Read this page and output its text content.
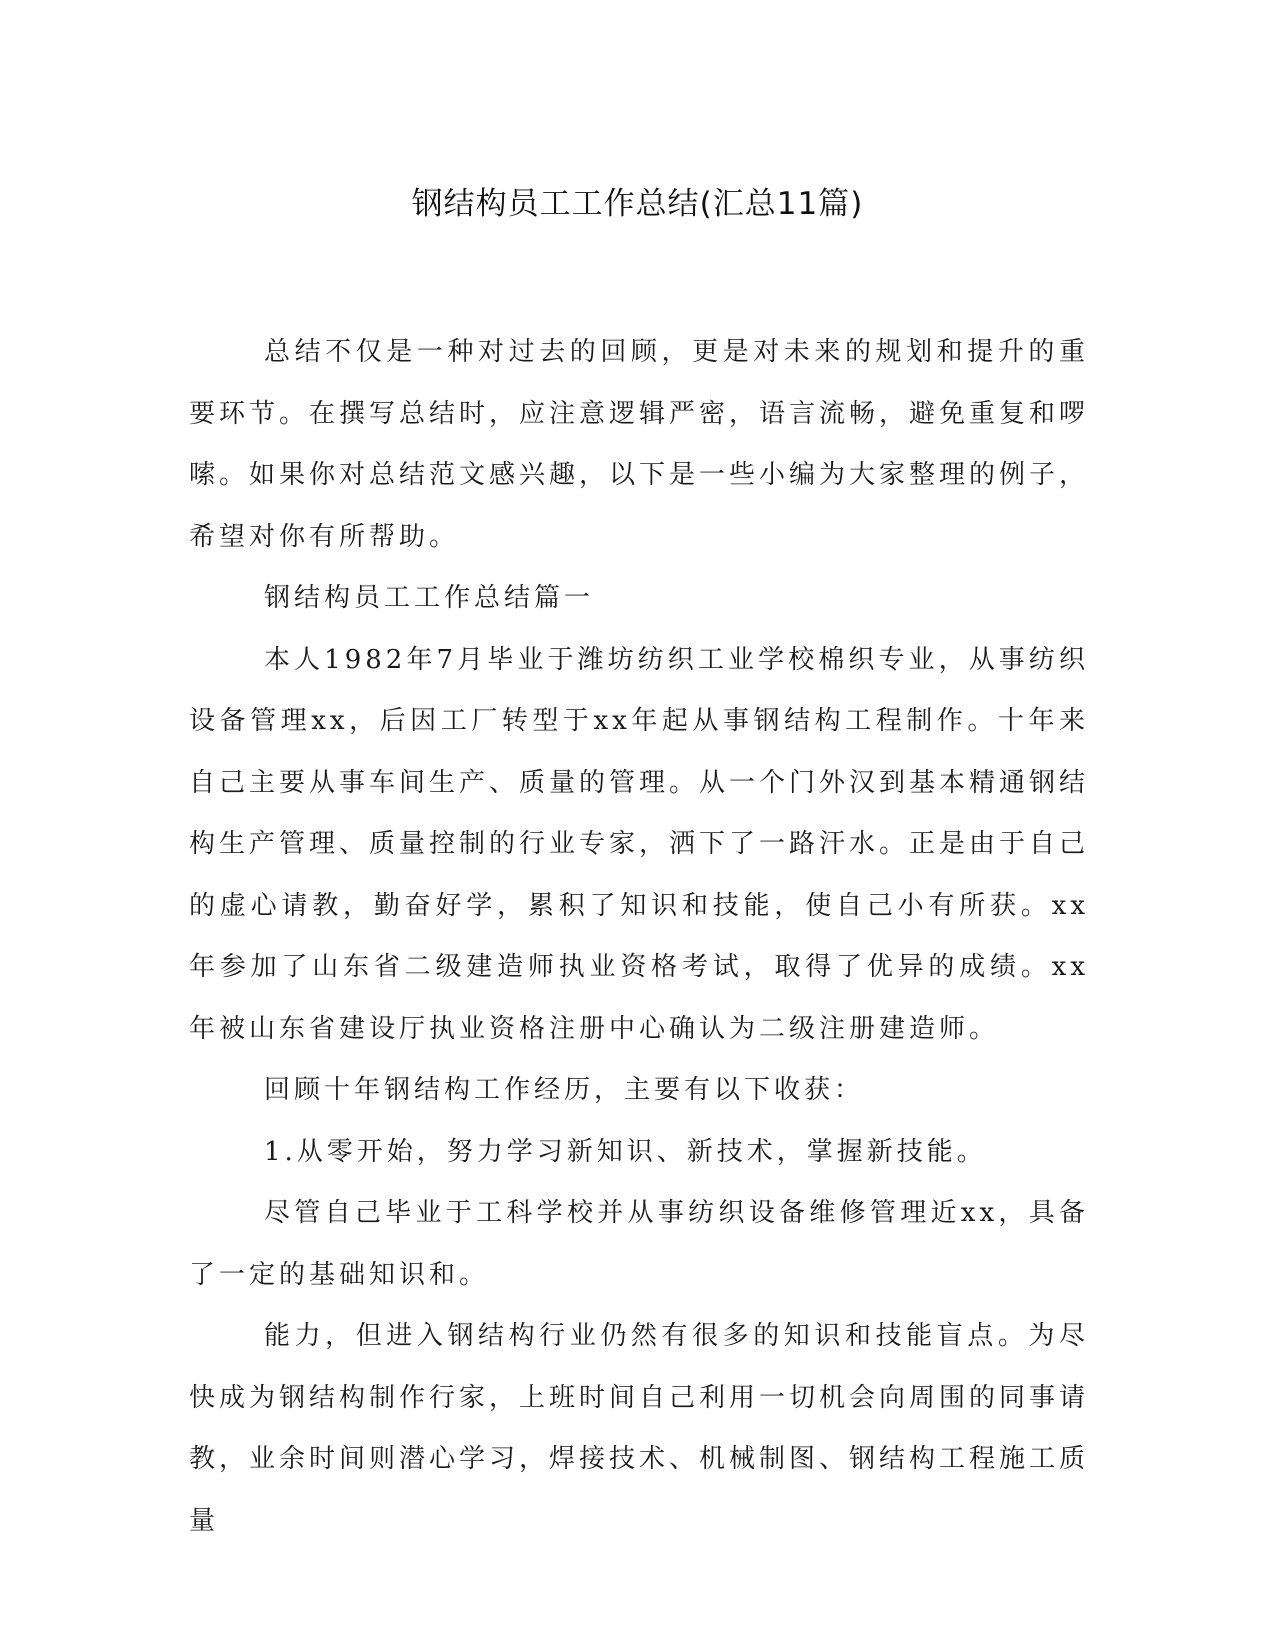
钢结构员工工作总结(汇总11篇)

总结不仅是一种对过去的回顾，更是对未来的规划和提升的重要环节。在撰写总结时，应注意逻辑严密，语言流畅，避免重复和啰嗦。如果你对总结范文感兴趣，以下是一些小编为大家整理的例子，希望对你有所帮助。

钢结构员工工作总结篇一

本人1982年7月毕业于潍坊纺织工业学校棉织专业，从事纺织设备管理xx，后因工厂转型于xx年起从事钢结构工程制作。十年来自己主要从事车间生产、质量的管理。从一个门外汉到基本精通钢结构生产管理、质量控制的行业专家，洒下了一路汗水。正是由于自己的虚心请教，勤奋好学，累积了知识和技能，使自己小有所获。xx年参加了山东省二级建造师执业资格考试，取得了优异的成绩。xx年被山东省建设厅执业资格注册中心确认为二级注册建造师。

回顾十年钢结构工作经历，主要有以下收获：

1.从零开始，努力学习新知识、新技术，掌握新技能。

尽管自己毕业于工科学校并从事纺织设备维修管理近xx，具备了一定的基础知识和。

能力，但进入钢结构行业仍然有很多的知识和技能盲点。为尽快成为钢结构制作行家，上班时间自己利用一切机会向周围的同事请教，业余时间则潜心学习，焊接技术、机械制图、钢结构工程施工质量
